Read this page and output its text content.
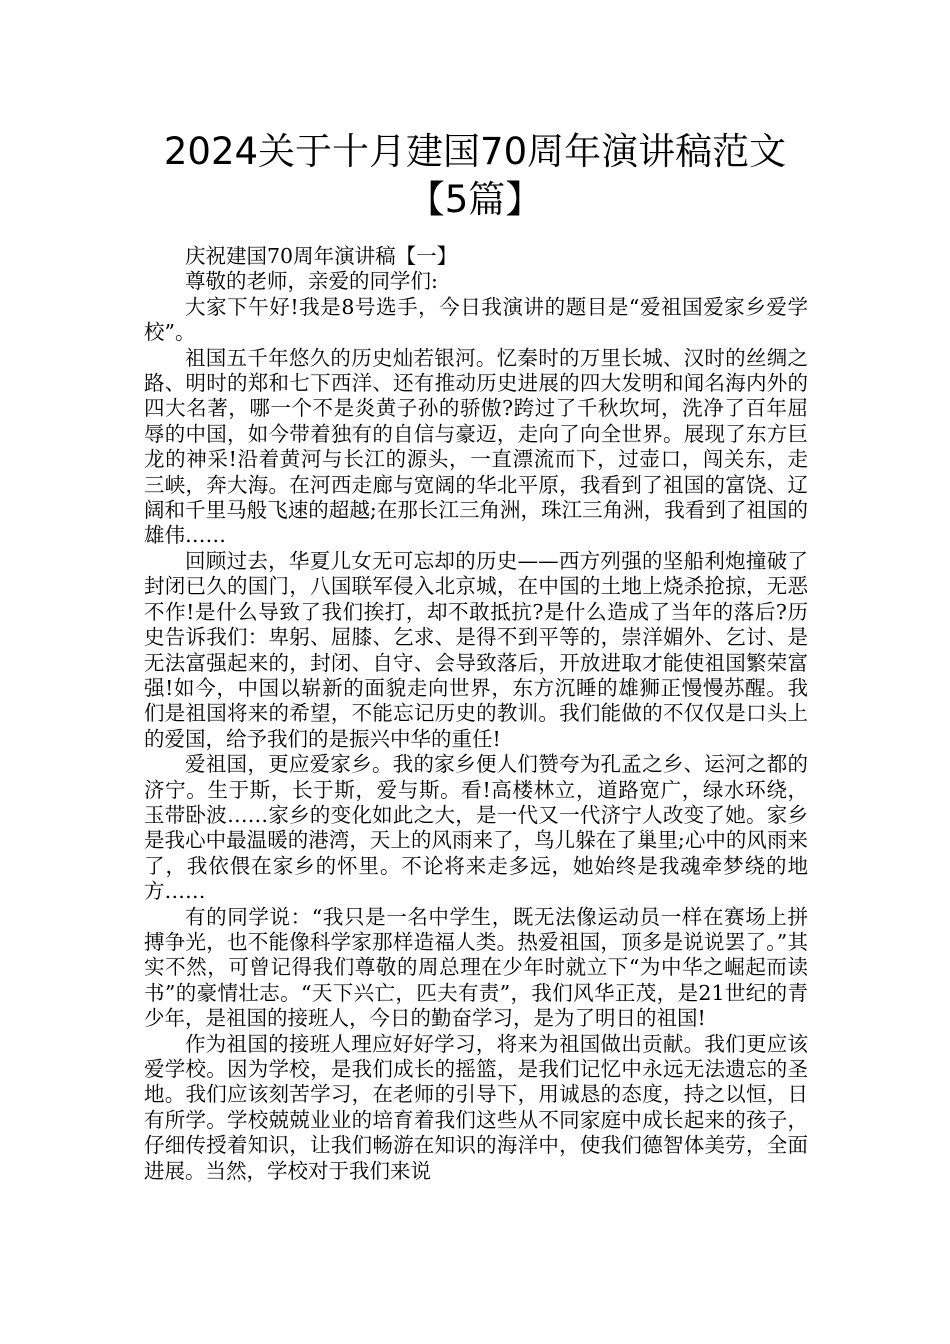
2024关于十月建国70周年演讲稿范文
【5篇】

庆祝建国70周年演讲稿【一】

尊敬的老师，亲爱的同学们:

大家下午好!我是8号选手，今日我演讲的题目是“爱祖国爱家乡爱学校”。

祖国五千年悠久的历史灿若银河。忆秦时的万里长城、汉时的丝绸之路、明时的郑和七下西洋、还有推动历史进展的四大发明和闻名海内外的四大名著，哪一个不是炎黄子孙的骄傲?跨过了千秋坎坷，洗净了百年屈辱的中国，如今带着独有的自信与豪迈，走向了向全世界。展现了东方巨龙的神采!沿着黄河与长江的源头，一直漂流而下，过壶口，闯关东，走三峡，奔大海。在河西走廊与宽阔的华北平原，我看到了祖国的富饶、辽阔和千里马般飞速的超越;在那长江三角洲，珠江三角洲，我看到了祖国的雄伟……

回顾过去，华夏儿女无可忘却的历史——西方列强的坚船利炮撞破了封闭已久的国门，八国联军侵入北京城，在中国的土地上烧杀抢掠，无恶不作!是什么导致了我们挨打，却不敢抵抗?是什么造成了当年的落后?历史告诉我们：卑躬、屈膝、乞求、是得不到平等的，崇洋媚外、乞讨、是无法富强起来的，封闭、自守、会导致落后，开放进取才能使祖国繁荣富强!如今，中国以崭新的面貌走向世界，东方沉睡的雄狮正慢慢苏醒。我们是祖国将来的希望，不能忘记历史的教训。我们能做的不仅仅是口头上的爱国，给予我们的是振兴中华的重任!

爱祖国，更应爱家乡。我的家乡便人们赞夸为孔孟之乡、运河之都的济宁。生于斯，长于斯，爱与斯。看!高楼林立，道路宽广，绿水环绕，玉带卧波……家乡的变化如此之大，是一代又一代济宁人改变了她。家乡是我心中最温暖的港湾，天上的风雨来了，鸟儿躲在了巢里;心中的风雨来了，我依偎在家乡的怀里。不论将来走多远，她始终是我魂牵梦绕的地方……

有的同学说：“我只是一名中学生，既无法像运动员一样在赛场上拼搏争光，也不能像科学家那样造福人类。热爱祖国，顶多是说说罢了。”其实不然，可曾记得我们尊敬的周总理在少年时就立下“为中华之崛起而读书”的豪情壮志。“天下兴亡，匹夫有责”，我们风华正茂，是21世纪的青少年，是祖国的接班人，今日的勤奋学习，是为了明日的祖国!

作为祖国的接班人理应好好学习，将来为祖国做出贡献。我们更应该爱学校。因为学校，是我们成长的摇篮，是我们记忆中永远无法遗忘的圣地。我们应该刻苦学习，在老师的引导下，用诚恳的态度，持之以恒，日有所学。学校兢兢业业的培育着我们这些从不同家庭中成长起来的孩子，仔细传授着知识，让我们畅游在知识的海洋中，使我们德智体美劳，全面进展。当然，学校对于我们来说
